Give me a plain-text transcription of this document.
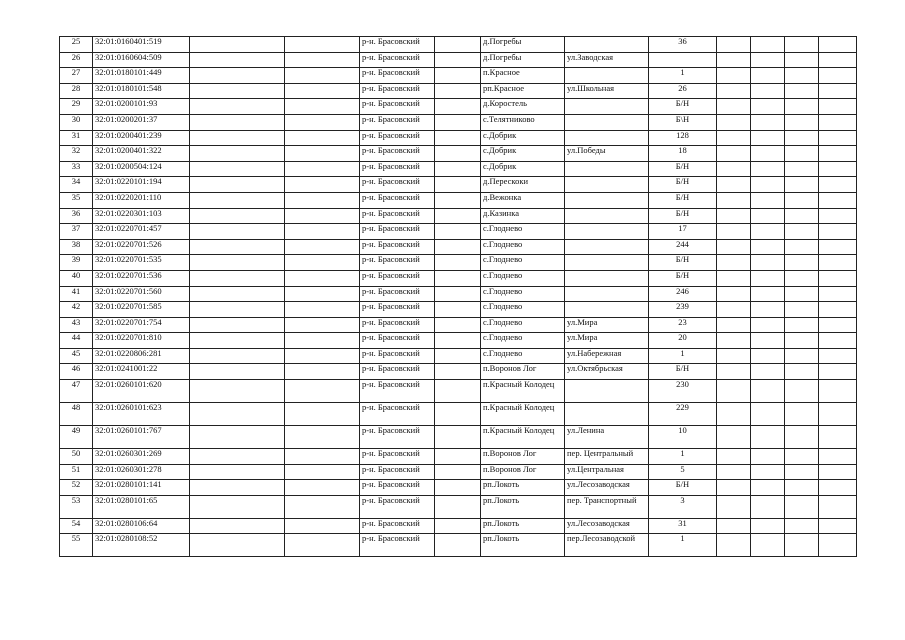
25	32:01:0160401:519			р-н. Брасовский		д.Погребы		36				
26	32:01:0160604:509			р-н. Брасовский		д.Погребы	ул.Заводская					
27	32:01:0180101:449			р-н. Брасовский		п.Красное		1				
28	32:01:0180101:548			р-н. Брасовский		рп.Красное	ул.Школьная	26				
29	32:01:0200101:93			р-н. Брасовский		д.Коростель		Б/Н				
30	32:01:0200201:37			р-н. Брасовский		с.Телятниково		Б\Н				
31	32:01:0200401:239			р-н. Брасовский		с.Добрик		128				
32	32:01:0200401:322			р-н. Брасовский		с.Добрик	ул.Победы	18				
33	32:01:0200504:124			р-н. Брасовский		с.Добрик		Б/Н				
34	32:01:0220101:194			р-н. Брасовский		д.Перескоки		Б/Н				
35	32:01:0220201:110			р-н. Брасовский		д.Вежонка		Б/Н				
36	32:01:0220301:103			р-н. Брасовский		д.Казинка		Б/Н				
37	32:01:0220701:457			р-н. Брасовский		с.Глоднево		17				
38	32:01:0220701:526			р-н. Брасовский		с.Глоднево		244				
39	32:01:0220701:535			р-н. Брасовский		с.Глоднево		Б/Н				
40	32:01:0220701:536			р-н. Брасовский		с.Глоднево		Б/Н				
41	32:01:0220701:560			р-н. Брасовский		с.Глоднево		246				
42	32:01:0220701:585			р-н. Брасовский		с.Глоднево		239				
43	32:01:0220701:754			р-н. Брасовский		с.Глодневo	ул.Мира	23				
44	32:01:0220701:810			р-н. Брасовский		с.Глодневo	ул.Мира	20				
45	32:01:0220806:281			р-н. Брасовский		с.Глодневo	ул.Набережная	1				
46	32:01:0241001:22			р-н. Брасовский		п.Воронов Лог	ул.Октябрьская	Б/Н				
47	32:01:0260101:620			р-н. Брасовский		п.Красный Колодец		230				
48	32:01:0260101:623			р-н. Брасовский		п.Красный Колодец		229				
49	32:01:0260101:767			р-н. Брасовский		п.Красный Колодец	ул.Ленина	10				
50	32:01:0260301:269			р-н. Брасовский		п.Воронов Лог	пер. Центральный	1				
51	32:01:0260301:278			р-н. Брасовский		п.Воронов Лог	ул.Центральная	5				
52	32:01:0280101:141			р-н. Брасовский		рп.Локоть	ул.Лесозаводская	Б/Н				
53	32:01:0280101:65			р-н. Брасовский		рп.Локоть	пер. Транспортный	3				
54	32:01:0280106:64			р-н. Брасовский		рп.Локоть	ул.Лесозаводская	31				
55	32:01:0280108:52			р-н. Брасовский		рп.Локоть	пер.Лесозаводской	1				
